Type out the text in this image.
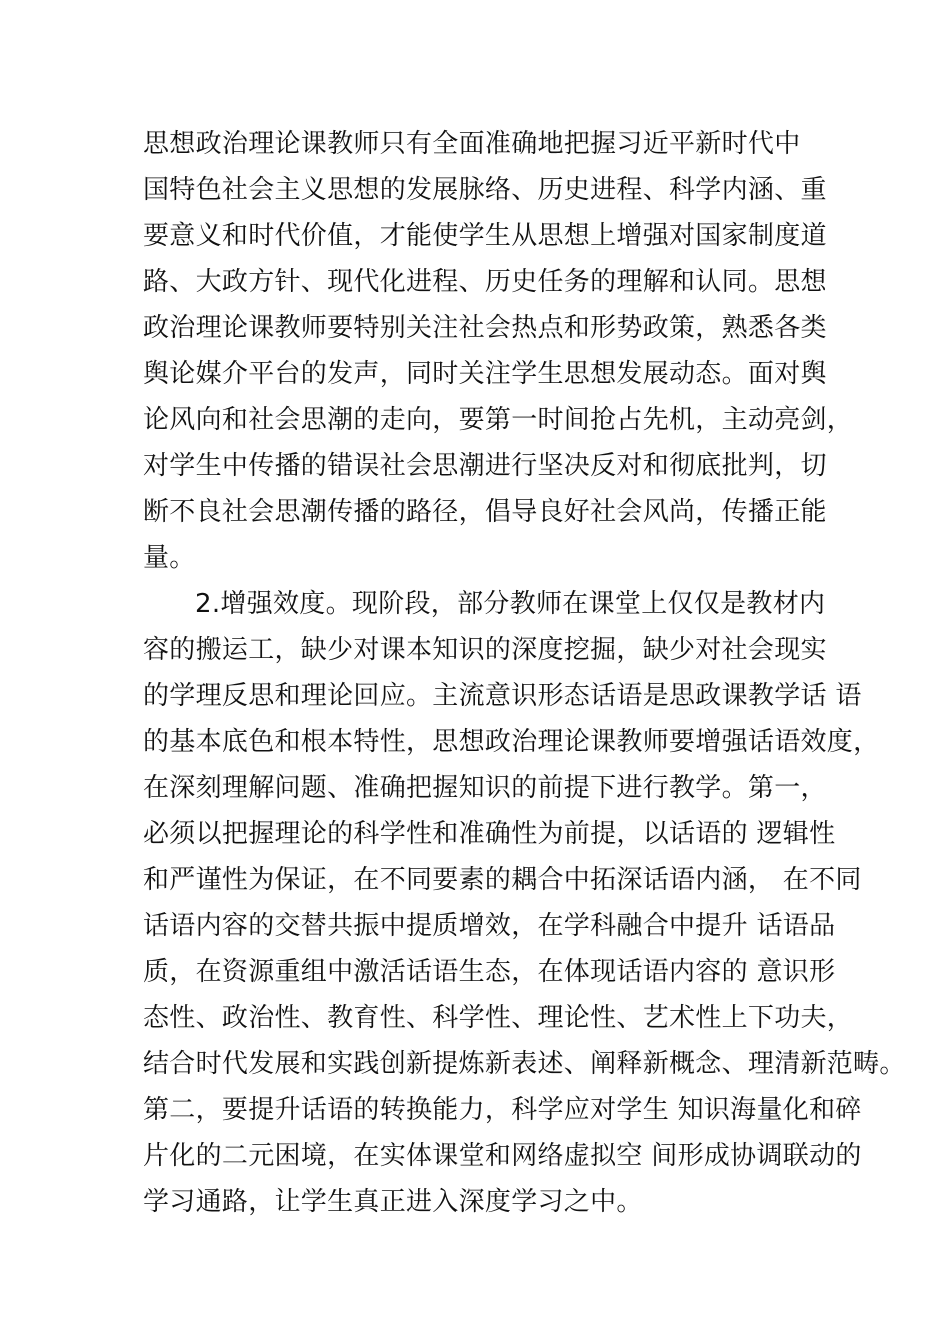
思想政治理论课教师只有全面准确地把握习近平新时代中

国特色社会主义思想的发展脉络、历史进程、科学内涵、重

要意义和时代价值，才能使学生从思想上增强对国家制度道

路、大政方针、现代化进程、历史任务的理解和认同。思想

政治理论课教师要特别关注社会热点和形势政策，熟悉各类

舆论媒介平台的发声，同时关注学生思想发展动态。面对舆

论风向和社会思潮的走向，要第一时间抢占先机，主动亮剑，

对学生中传播的错误社会思潮进行坚决反对和彻底批判，切

断不良社会思潮传播的路径，倡导良好社会风尚，传播正能

量。

2.增强效度。现阶段，部分教师在课堂上仅仅是教材内

容的搬运工，缺少对课本知识的深度挖掘，缺少对社会现实

的学理反思和理论回应。主流意识形态话语是思政课教学话 语

的基本底色和根本特性，思想政治理论课教师要增强话语效度，

在深刻理解问题、准确把握知识的前提下进行教学。第一，

必须以把握理论的科学性和准确性为前提，以话语的 逻辑性

和严谨性为保证，在不同要素的耦合中拓深话语内涵， 在不同

话语内容的交替共振中提质增效，在学科融合中提升 话语品

质，在资源重组中激活话语生态，在体现话语内容的 意识形

态性、政治性、教育性、科学性、理论性、艺术性上下功夫，

结合时代发展和实践创新提炼新表述、阐释新概念、理清新范畴。

第二，要提升话语的转换能力，科学应对学生 知识海量化和碎

片化的二元困境，在实体课堂和网络虚拟空 间形成协调联动的

学习通路，让学生真正进入深度学习之中。
